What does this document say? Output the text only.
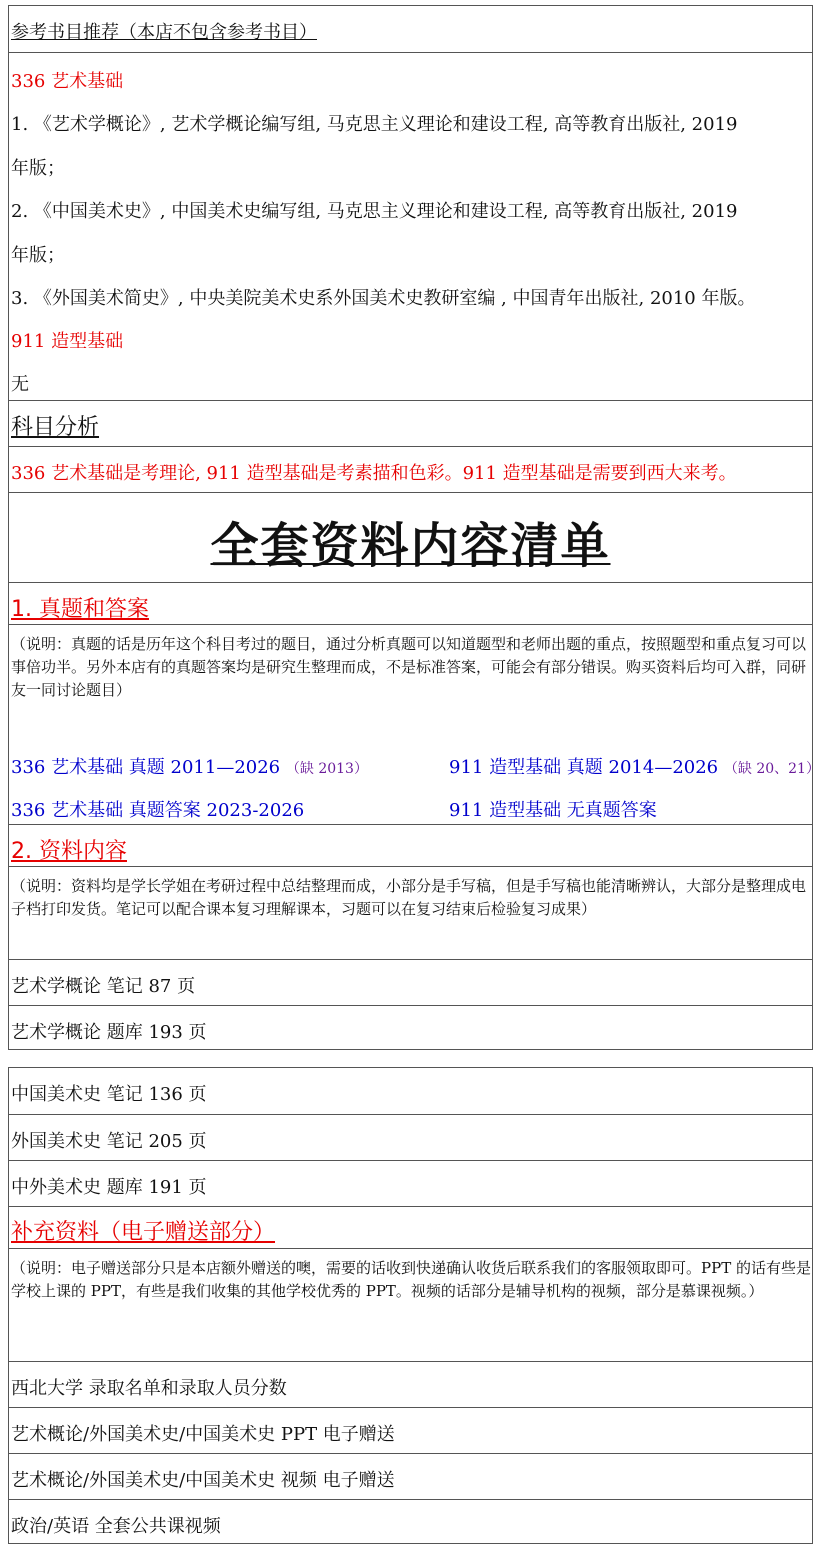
参考书目推荐（本店不包含参考书目）
336 艺术基础
1. 《艺术学概论》, 艺术学概论编写组, 马克思主义理论和建设工程, 高等教育出版社, 2019
年版；
2. 《中国美术史》, 中国美术史编写组, 马克思主义理论和建设工程, 高等教育出版社, 2019
年版；
3. 《外国美术简史》, 中央美院美术史系外国美术史教研室编 , 中国青年出版社, 2010 年版。
911 造型基础
无
科目分析
336 艺术基础是考理论, 911 造型基础是考素描和色彩。911 造型基础是需要到西大来考。
全套资料内容清单
1. 真题和答案
（说明：真题的话是历年这个科目考过的题目，通过分析真题可以知道题型和老师出题的重点，按照题型和重点复习可以事倍功半。另外本店有的真题答案均是研究生整理而成，不是标准答案，可能会有部分错误。购买资料后均可入群，同研友一同讨论题目）
336 艺术基础 真题 2011—2026 （缺 2013）	911 造型基础 真题 2014—2026 （缺 20、21）
336 艺术基础 真题答案 2023-2026	911 造型基础 无真题答案
2. 资料内容
（说明：资料均是学长学姐在考研过程中总结整理而成，小部分是手写稿，但是手写稿也能清晰辨认，大部分是整理成电子档打印发货。笔记可以配合课本复习理解课本，习题可以在复习结束后检验复习成果）
艺术学概论 笔记 87 页
艺术学概论 题库 193 页
中国美术史 笔记 136 页
外国美术史 笔记 205 页
中外美术史 题库 191 页
补充资料（电子赠送部分）
（说明：电子赠送部分只是本店额外赠送的噢，需要的话收到快递确认收货后联系我们的客服领取即可。PPT 的话有些是学校上课的 PPT，有些是我们收集的其他学校优秀的 PPT。视频的话部分是辅导机构的视频，部分是慕课视频。）
西北大学 录取名单和录取人员分数
艺术概论/外国美术史/中国美术史 PPT 电子赠送
艺术概论/外国美术史/中国美术史 视频 电子赠送
政治/英语 全套公共课视频
